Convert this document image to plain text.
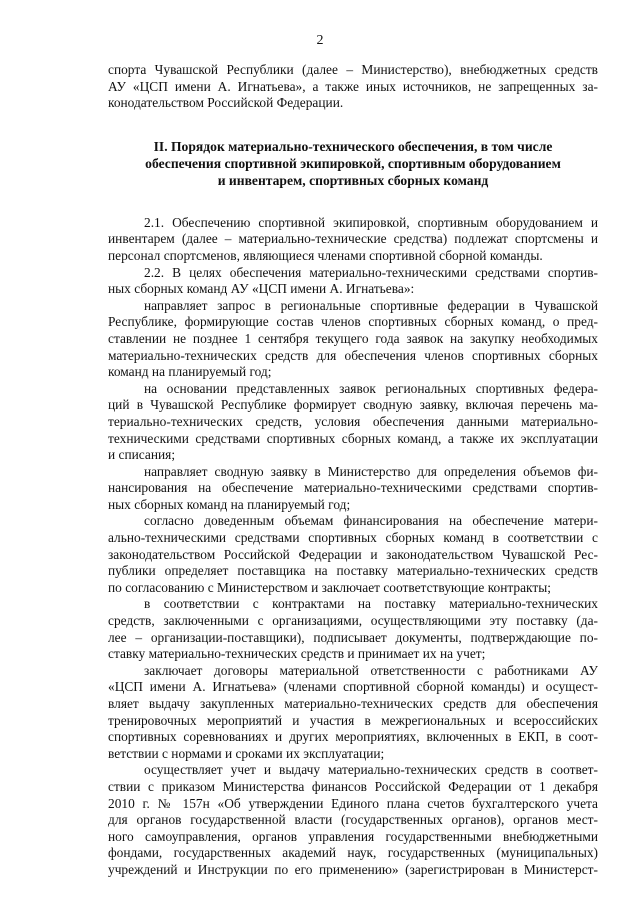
2
спорта Чувашской Республики (далее – Министерство), внебюджетных средств
АУ «ЦСП имени А. Игнатьева», а также иных источников, не запрещенных за-
конодательством Российской Федерации.
II. Порядок материально-технического обеспечения, в том числе
обеспечения спортивной экипировкой, спортивным оборудованием
и инвентарем, спортивных сборных команд
2.1. Обеспечению спортивной экипировкой, спортивным оборудованием и
инвентарем (далее – материально-технические средства) подлежат спортсмены и
персонал спортсменов, являющиеся членами спортивной сборной команды.
2.2. В целях обеспечения материально-техническими средствами спортив-
ных сборных команд АУ «ЦСП имени А. Игнатьева»:
направляет запрос в региональные спортивные федерации в Чувашской
Республике, формирующие состав членов спортивных сборных команд, о пред-
ставлении не позднее 1 сентября текущего года заявок на закупку необходимых
материально-технических средств для обеспечения членов спортивных сборных
команд на планируемый год;
на основании представленных заявок региональных спортивных федера-
ций в Чувашской Республике формирует сводную заявку, включая перечень ма-
териально-технических средств, условия обеспечения данными материально-
техническими средствами спортивных сборных команд, а также их эксплуатации
и списания;
направляет сводную заявку в Министерство для определения объемов фи-
нансирования на обеспечение материально-техническими средствами спортив-
ных сборных команд на планируемый год;
согласно доведенным объемам финансирования на обеспечение матери-
ально-техническими средствами спортивных сборных команд в соответствии с
законодательством Российской Федерации и законодательством Чувашской Рес-
публики определяет поставщика на поставку материально-технических средств
по согласованию с Министерством и заключает соответствующие контракты;
в соответствии с контрактами на поставку материально-технических
средств, заключенными с организациями, осуществляющими эту поставку (да-
лее – организации-поставщики), подписывает документы, подтверждающие по-
ставку материально-технических средств и принимает их на учет;
заключает договоры материальной ответственности с работниками АУ
«ЦСП имени А. Игнатьева» (членами спортивной сборной команды) и осущест-
вляет выдачу закупленных материально-технических средств для обеспечения
тренировочных мероприятий и участия в межрегиональных и всероссийских
спортивных соревнованиях и других мероприятиях, включенных в ЕКП, в соот-
ветствии с нормами и сроками их эксплуатации;
осуществляет учет и выдачу материально-технических средств в соответ-
ствии с приказом Министерства финансов Российской Федерации от 1 декабря
2010 г. № 157н «Об утверждении Единого плана счетов бухгалтерского учета
для органов государственной власти (государственных органов), органов мест-
ного самоуправления, органов управления государственными внебюджетными
фондами, государственных академий наук, государственных (муниципальных)
учреждений и Инструкции по его применению» (зарегистрирован в Министерст-
